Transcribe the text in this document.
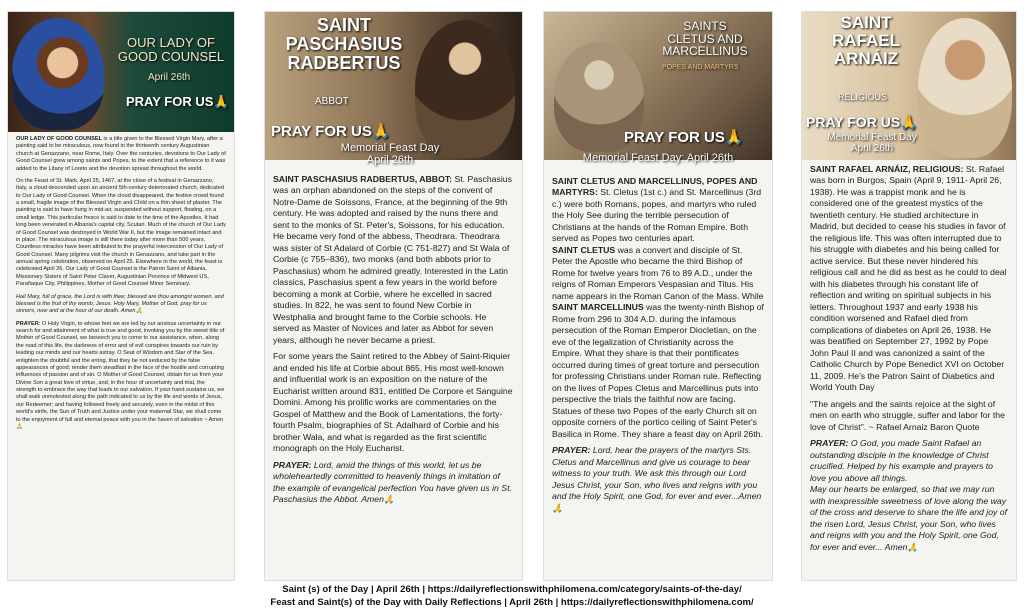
OUR LADY OF
GOOD COUNSEL
April 26th
PRAY FOR US🙏

OUR LADY OF GOOD COUNSEL is a title given to the Blessed Virgin Mary, after a painting said to be miraculous, now found in the thirteenth century Augustinian church at Genazzano, near Rome, Italy. Over the centuries, devotions to Our Lady of Good Counsel grew among saints and Popes, to the extent that a reference to it was added to the Litany of Loreto and the devotion spread throughout the world.

On the Feast of St. Mark, April 25, 1467, at the close of a festival in Genazzano, Italy, a cloud descended upon an ancient 5th-century deteriorated church, dedicated to Our Lady of Good Counsel. When the cloud disappeared, the festive crowd found a small, fragile image of the Blessed Virgin and Child on a thin sheet of plaster. The painting is said to have hung in mid-air, suspended without support, floating, on a small ledge. This particular fresco is said to date to the time of the Apostles. It had long been venerated in Albania's capital city, Scutari. Much of the church of Our Lady of Good Counsel was destroyed in World War II, but the image remained intact and in place. The miraculous image is still there today after more than 500 years. Countless miracles have been attributed to the prayerful intercession of Our Lady of Good Counsel. Many pilgrims visit the church in Genazzano, and take part in the annual spring celebration, observed on April 25. Elsewhere in the world, the feast is celebrated April 26. Our Lady of Good Counsel is the Patron Saint of Albania, Missionary Sisters of Saint Peter Claver, Augustinian Province of Midwest US, Parañaque City, Philippines, Mother of Good Counsel Minor Seminary.

Hail Mary, full of grace, the Lord is with thee; blessed are thou amongst women, and blessed is the fruit of thy womb, Jesus. Holy Mary, Mother of God, pray for us sinners, now and at the hour of our death. Amen🙏

PRAYER: O Holy Virgin, to whose feet we are led by our anxious uncertainty in our search for and attainment of what is true and good, invoking you by the sweet title of Mother of Good Counsel, we beseech you to come to our assistance, when, along the road of this life, the darkness of error and of evil conspires towards our ruin by leading our minds and our hearts astray. O Seat of Wisdom and Star of the Sea, enlighten the doubtful and the erring, that they be not seduced by the false appearances of good; render them steadfast in the face of the hostile and corrupting influences of passion and of sin. O Mother of Good Counsel, obtain for us from your Divine Son a great love of virtue, and, in the hour of uncertainty and trial, the strength to embrace the way that leads to our salvation. If your hand sustains us, we shall walk unmolested along the path indicated to us by the life and words of Jesus, our Redeemer; and having followed freely and securely, even in the midst of this world's strife, the Sun of Truth and Justice under your maternal Star, we shall come to the enjoyment of full and eternal peace with you in the haven of salvation ~ Amen🙏

SAINT
PASCHASIUS
RADBERTUS
ABBOT
PRAY FOR US🙏
Memorial Feast Day
April 26th

SAINT PASCHASIUS RADBERTUS, ABBOT: St. Paschasius was an orphan abandoned on the steps of the convent of Notre-Dame de Soissons, France, at the beginning of the 9th century. He was adopted and raised by the nuns there and sent to the monks of St. Peter's, Soissons, for his education. He became very fond of the abbess, Theodrara. Theodrara was sister of St Adalard of Corbie (C 751-827) and St Wala of Corbie (c 755–836), two monks (and both abbots prior to Paschasius) whom he admired greatly. Interested in the Latin classics, Paschasius spent a few years in the world before becoming a monk at Corbie, where he excelled in sacred studies. In 822, he was sent to found New Corbie in Westphalia and brought fame to the Corbie schools. He served as Master of Novices and later as Abbot for seven years, although he never became a priest.

For some years the Saint retired to the Abbey of Saint-Riquier and ended his life at Corbie about 865. His most well-known and influential work is an exposition on the nature of the Eucharist written around 831, entitled De Corpore et Sanguine Domini. Among his prolific works are commentaries on the Gospel of Matthew and the Book of Lamentations, the forty-fourth Psalm, biographies of St. Adalhard of Corbie and his brother Wala, and what is regarded as the first scientific monograph on the Holy Eucharist.

PRAYER: Lord, amid the things of this world, let us be wholeheartedly committed to heavenly things in imitation of the example of evangelical perfection You have given us in St. Paschasius the Abbot. Amen🙏

SAINTS
CLETUS AND
MARCELLINUS
POPES AND MARTYRS
PRAY FOR US🙏
Memorial Feast Day: April 26th

SAINT CLETUS AND MARCELLINUS, POPES AND MARTYRS: St. Cletus (1st c.) and St. Marcellinus (3rd c.) were both Romans, popes, and martyrs who ruled the Holy See during the terrible persecution of Christians at the hands of the Roman Empire. Both served as Popes two centuries apart.
SAINT CLETUS was a convert and disciple of St. Peter the Apostle who became the third Bishop of Rome for twelve years from 76 to 89 A.D., under the reigns of Roman Emperors Vespasian and Titus. His name appears in the Roman Canon of the Mass. While SAINT MARCELLINUS was the twenty-ninth Bishop of Rome from 296 to 304 A.D. during the infamous persecution of the Roman Emperor Diocletian, on the eve of the legalization of Christianity across the Empire. What they share is that their pontificates occurred during times of great torture and persecution for professing Christians under Roman rule. Reflecting on the lives of Popes Cletus and Marcellinus puts into perspective the trials the faithful now are facing. Statues of these two Popes of the early Church sit on opposite corners of the portico ceiling of Saint Peter's Basilica in Rome. They share a feast day on April 26th.

PRAYER: Lord, hear the prayers of the martyrs Sts. Cletus and Marcellinus and give us courage to bear witness to your truth. We ask this through our Lord Jesus Christ, your Son, who lives and reigns with you and the Holy Spirit, one God, for ever and ever...Amen🙏

SAINT
RAFAEL
ARNÁIZ
RELIGIOUS
PRAY FOR US🙏
Memorial Feast Day
April 26th

SAINT RAFAEL ARNÁIZ, RELIGIOUS: St. Rafael was born in Burgos, Spain (April 9, 1911- April 26, 1938). He was a trappist monk and he is considered one of the greatest mystics of the twentieth century. He studied architecture in Madrid, but decided to cease his studies in favor of the religious life. This was often interrupted due to his struggle with diabetes and his being called for active service. But these never hindered his religious call and he did as best as he could to deal with his diabetes through his constant life of reflection and writing on spiritual subjects in his letters. Throughout 1937 and early 1938 his condition worsened and Rafael died from complications of diabetes on April 26, 1938. He was beatified on September 27, 1992 by Pope John Paul II and was canonized a saint of the Catholic Church by Pope Benedict XVI on October 11, 2009. He's the Patron Saint of Diabetics and World Youth Day

"The angels and the saints rejoice at the sight of men on earth who struggle, suffer and labor for the love of Christ". ~ Rafael Arnaiz Baron Quote

PRAYER: O God, you made Saint Rafael an outstanding disciple in the knowledge of Christ crucified. Helped by his example and prayers to love you above all things.
May our hearts be enlarged, so that we may run with inexpressible sweetness of love along the way of the cross and deserve to share the life and joy of the risen Lord, Jesus Christ, your Son, who lives and reigns with you and the Holy Spirit, one God, for ever and ever... Amen🙏

Saint (s) of the Day | April 26th | https://dailyreflectionswithphilomena.com/category/saints-of-the-day/
Feast and Saint(s) of the Day with Daily Reflections | April 26th | https://dailyreflectionswithphilomena.com/
